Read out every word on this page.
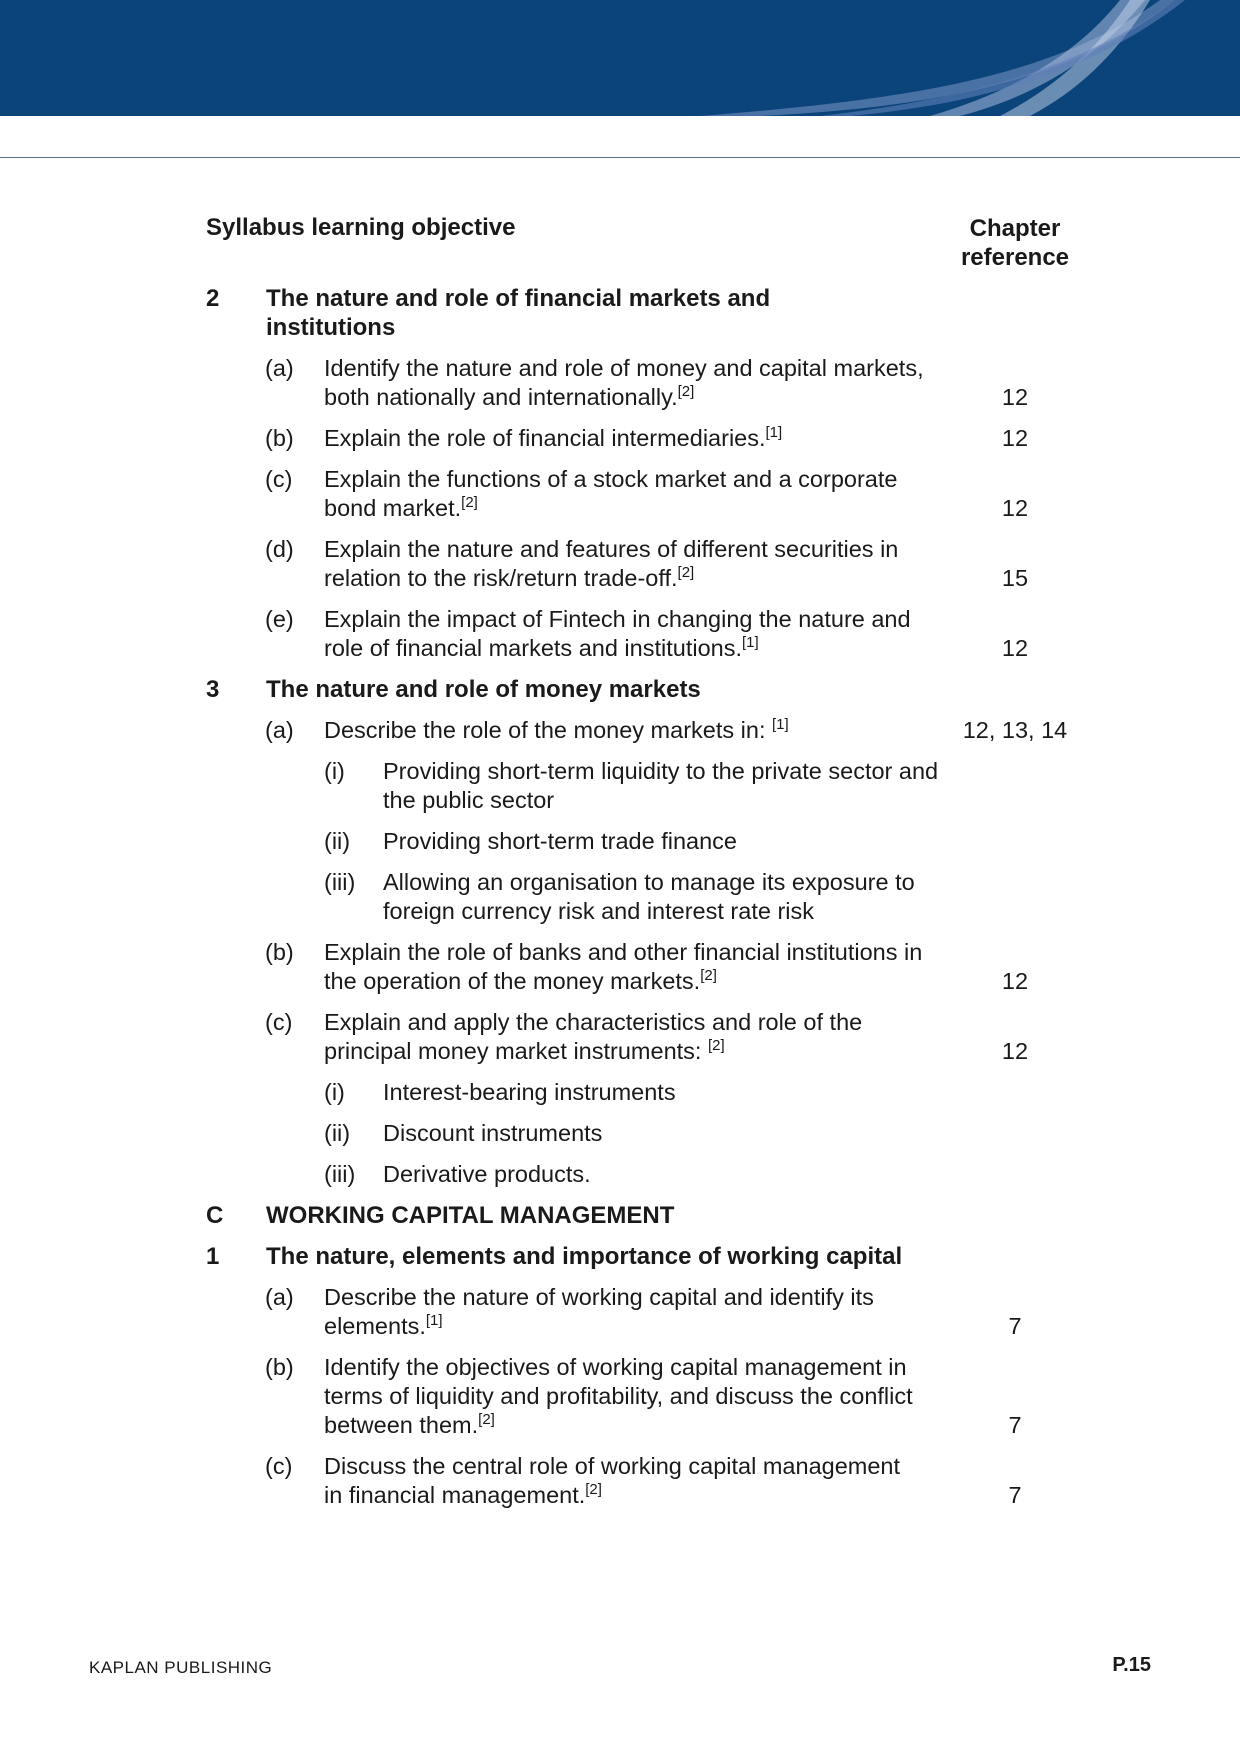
Syllabus learning objective	Chapter
reference
2 The nature and role of financial markets and institutions
(a) Identify the nature and role of money and capital markets, both nationally and internationally.[2]	12
(b) Explain the role of financial intermediaries.[1]	12
(c) Explain the functions of a stock market and a corporate bond market.[2]	12
(d) Explain the nature and features of different securities in relation to the risk/return trade-off.[2]	15
(e) Explain the impact of Fintech in changing the nature and role of financial markets and institutions.[1]	12
3 The nature and role of money markets
(a) Describe the role of the money markets in: [1]	12, 13, 14
(i) Providing short-term liquidity to the private sector and the public sector
(ii) Providing short-term trade finance
(iii) Allowing an organisation to manage its exposure to foreign currency risk and interest rate risk
(b) Explain the role of banks and other financial institutions in the operation of the money markets.[2]	12
(c) Explain and apply the characteristics and role of the principal money market instruments: [2]	12
(i) Interest-bearing instruments
(ii) Discount instruments
(iii) Derivative products.
C WORKING CAPITAL MANAGEMENT
1 The nature, elements and importance of working capital
(a) Describe the nature of working capital and identify its elements.[1]	7
(b) Identify the objectives of working capital management in terms of liquidity and profitability, and discuss the conflict between them.[2]	7
(c) Discuss the central role of working capital management in financial management.[2]	7
KAPLAN PUBLISHING	P.15
